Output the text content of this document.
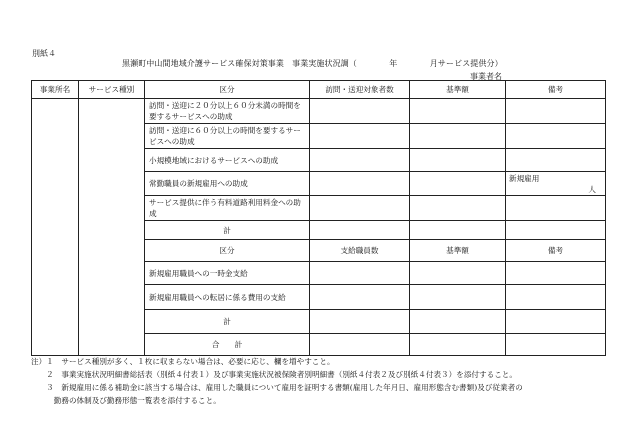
別紙４
黒瀬町中山間地域介護サービス確保対策事業　事業実施状況調（　　　　年　　　　月サービス提供分）
事業者名
事業所名	サービス種別	区分	訪問・送迎対象者数	基準額	備考
		訪問・送迎に２０分以上６０分未満の時間を要するサービスへの助成			
		訪問・送迎に６０分以上の時間を要するサービスへの助成			
		小規模地域におけるサービスへの助成			
		常勤職員の新規雇用への助成			新規雇用
人

		サービス提供に伴う有料道路利用料金への助成			
		計			
		区分	支給職員数	基準額	備考
		新規雇用職員への一時金支給			
		新規雇用職員への転居に係る費用の支給			
		計			
		合　　計			
注）１　サービス種別が多く、１枚に収まらない場合は、必要に応じ、欄を増やすこと。
　　２　事業実施状況明細書総括表（別紙４付表１）及び事業実施状況被保険者別明細書（別紙４付表２及び別紙４付表３）を添付すること。
　　３　新規雇用に係る補助金に該当する場合は、雇用した職員について雇用を証明する書類(雇用した年月日、雇用形態含む書類)及び従業者の
　　　勤務の体制及び勤務形態一覧表を添付すること。
